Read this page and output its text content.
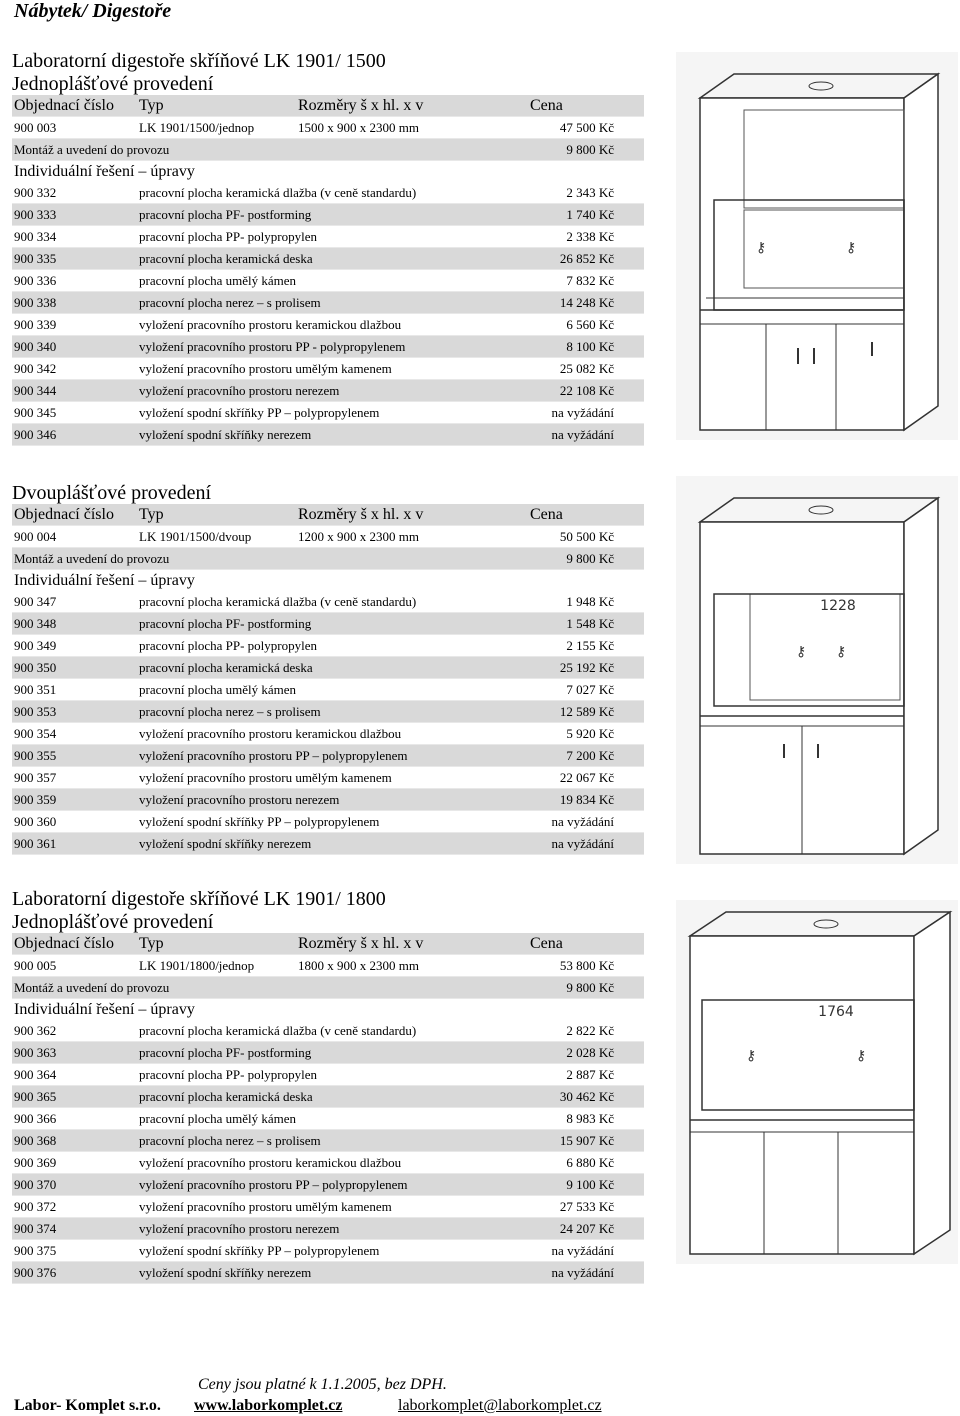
Nábytek/ Digestoře
Laboratorní digestoře skříňové LK 1901/ 1500
Jednoplášťové provedení
Objednací číslo Typ	Rozměry š x hl. x v	Cena
900 003	LK 1901/1500/jednop	1500 x 900 x 2300 mm	47 500 Kč
Montáž a uvedení do provozu	9 800 Kč
Individuální řešení – úpravy
900 332	pracovní plocha keramická dlažba (v ceně standardu)	2 343 Kč
900 333	pracovní plocha PF- postforming	1 740 Kč
900 334	pracovní plocha PP- polypropylen	2 338 Kč
900 335	pracovní plocha keramická deska	26 852 Kč
900 336	pracovní plocha umělý kámen	7 832 Kč
900 338	pracovní plocha nerez – s prolisem	14 248 Kč
900 339	vyložení pracovního prostoru keramickou dlažbou	6 560 Kč
900 340	vyložení pracovního prostoru PP - polypropylenem	8 100 Kč
900 342	vyložení pracovního prostoru umělým kamenem	25 082 Kč
900 344	vyložení pracovního prostoru nerezem	22 108 Kč
900 345	vyložení spodní skříňky PP – polypropylenem	na vyžádání
900 346	vyložení spodní skříňky nerezem	na vyžádání
Dvouplášťové provedení
Objednací číslo Typ	Rozměry š x hl. x v	Cena
900 004	LK 1901/1500/dvoup	1200 x 900 x 2300 mm	50 500 Kč
Montáž a uvedení do provozu	9 800 Kč
Individuální řešení – úpravy
900 347	pracovní plocha keramická dlažba (v ceně standardu)	1 948 Kč
900 348	pracovní plocha PF- postforming	1 548 Kč
900 349	pracovní plocha PP- polypropylen	2 155 Kč
900 350	pracovní plocha keramická deska	25 192 Kč
900 351	pracovní plocha umělý kámen	7 027 Kč
900 353	pracovní plocha nerez – s prolisem	12 589 Kč
900 354	vyložení pracovního prostoru keramickou dlažbou	5 920 Kč
900 355	vyložení pracovního prostoru PP – polypropylenem	7 200 Kč
900 357	vyložení pracovního prostoru umělým kamenem	22 067 Kč
900 359	vyložení pracovního prostoru nerezem	19 834 Kč
900 360	vyložení spodní skříňky PP – polypropylenem	na vyžádání
900 361	vyložení spodní skříňky nerezem	na vyžádání
Laboratorní digestoře skříňové LK 1901/ 1800
Jednoplášťové provedení
Objednací číslo Typ	Rozměry š x hl. x v	Cena
900 005	LK 1901/1800/jednop	1800 x 900 x 2300 mm	53 800 Kč
Montáž a uvedení do provozu	9 800 Kč
Individuální řešení – úpravy
900 362	pracovní plocha keramická dlažba (v ceně standardu)	2 822 Kč
900 363	pracovní plocha PF- postforming	2 028 Kč
900 364	pracovní plocha PP- polypropylen	2 887 Kč
900 365	pracovní plocha keramická deska	30 462 Kč
900 366	pracovní plocha umělý kámen	8 983 Kč
900 368	pracovní plocha nerez – s prolisem	15 907 Kč
900 369	vyložení pracovního prostoru keramickou dlažbou	6 880 Kč
900 370	vyložení pracovního prostoru PP – polypropylenem	9 100 Kč
900 372	vyložení pracovního prostoru umělým kamenem	27 533 Kč
900 374	vyložení pracovního prostoru nerezem	24 207 Kč
900 375	vyložení spodní skříňky PP – polypropylenem	na vyžádání
900 376	vyložení spodní skříňky nerezem	na vyžádání
⚷	⚷
⚷ ⚷
1228
⚷	⚷
1764
Ceny jsou platné k 1.1.2005, bez DPH.
Labor- Komplet s.r.o. www.laborkomplet.cz	laborkomplet@laborkomplet.cz
